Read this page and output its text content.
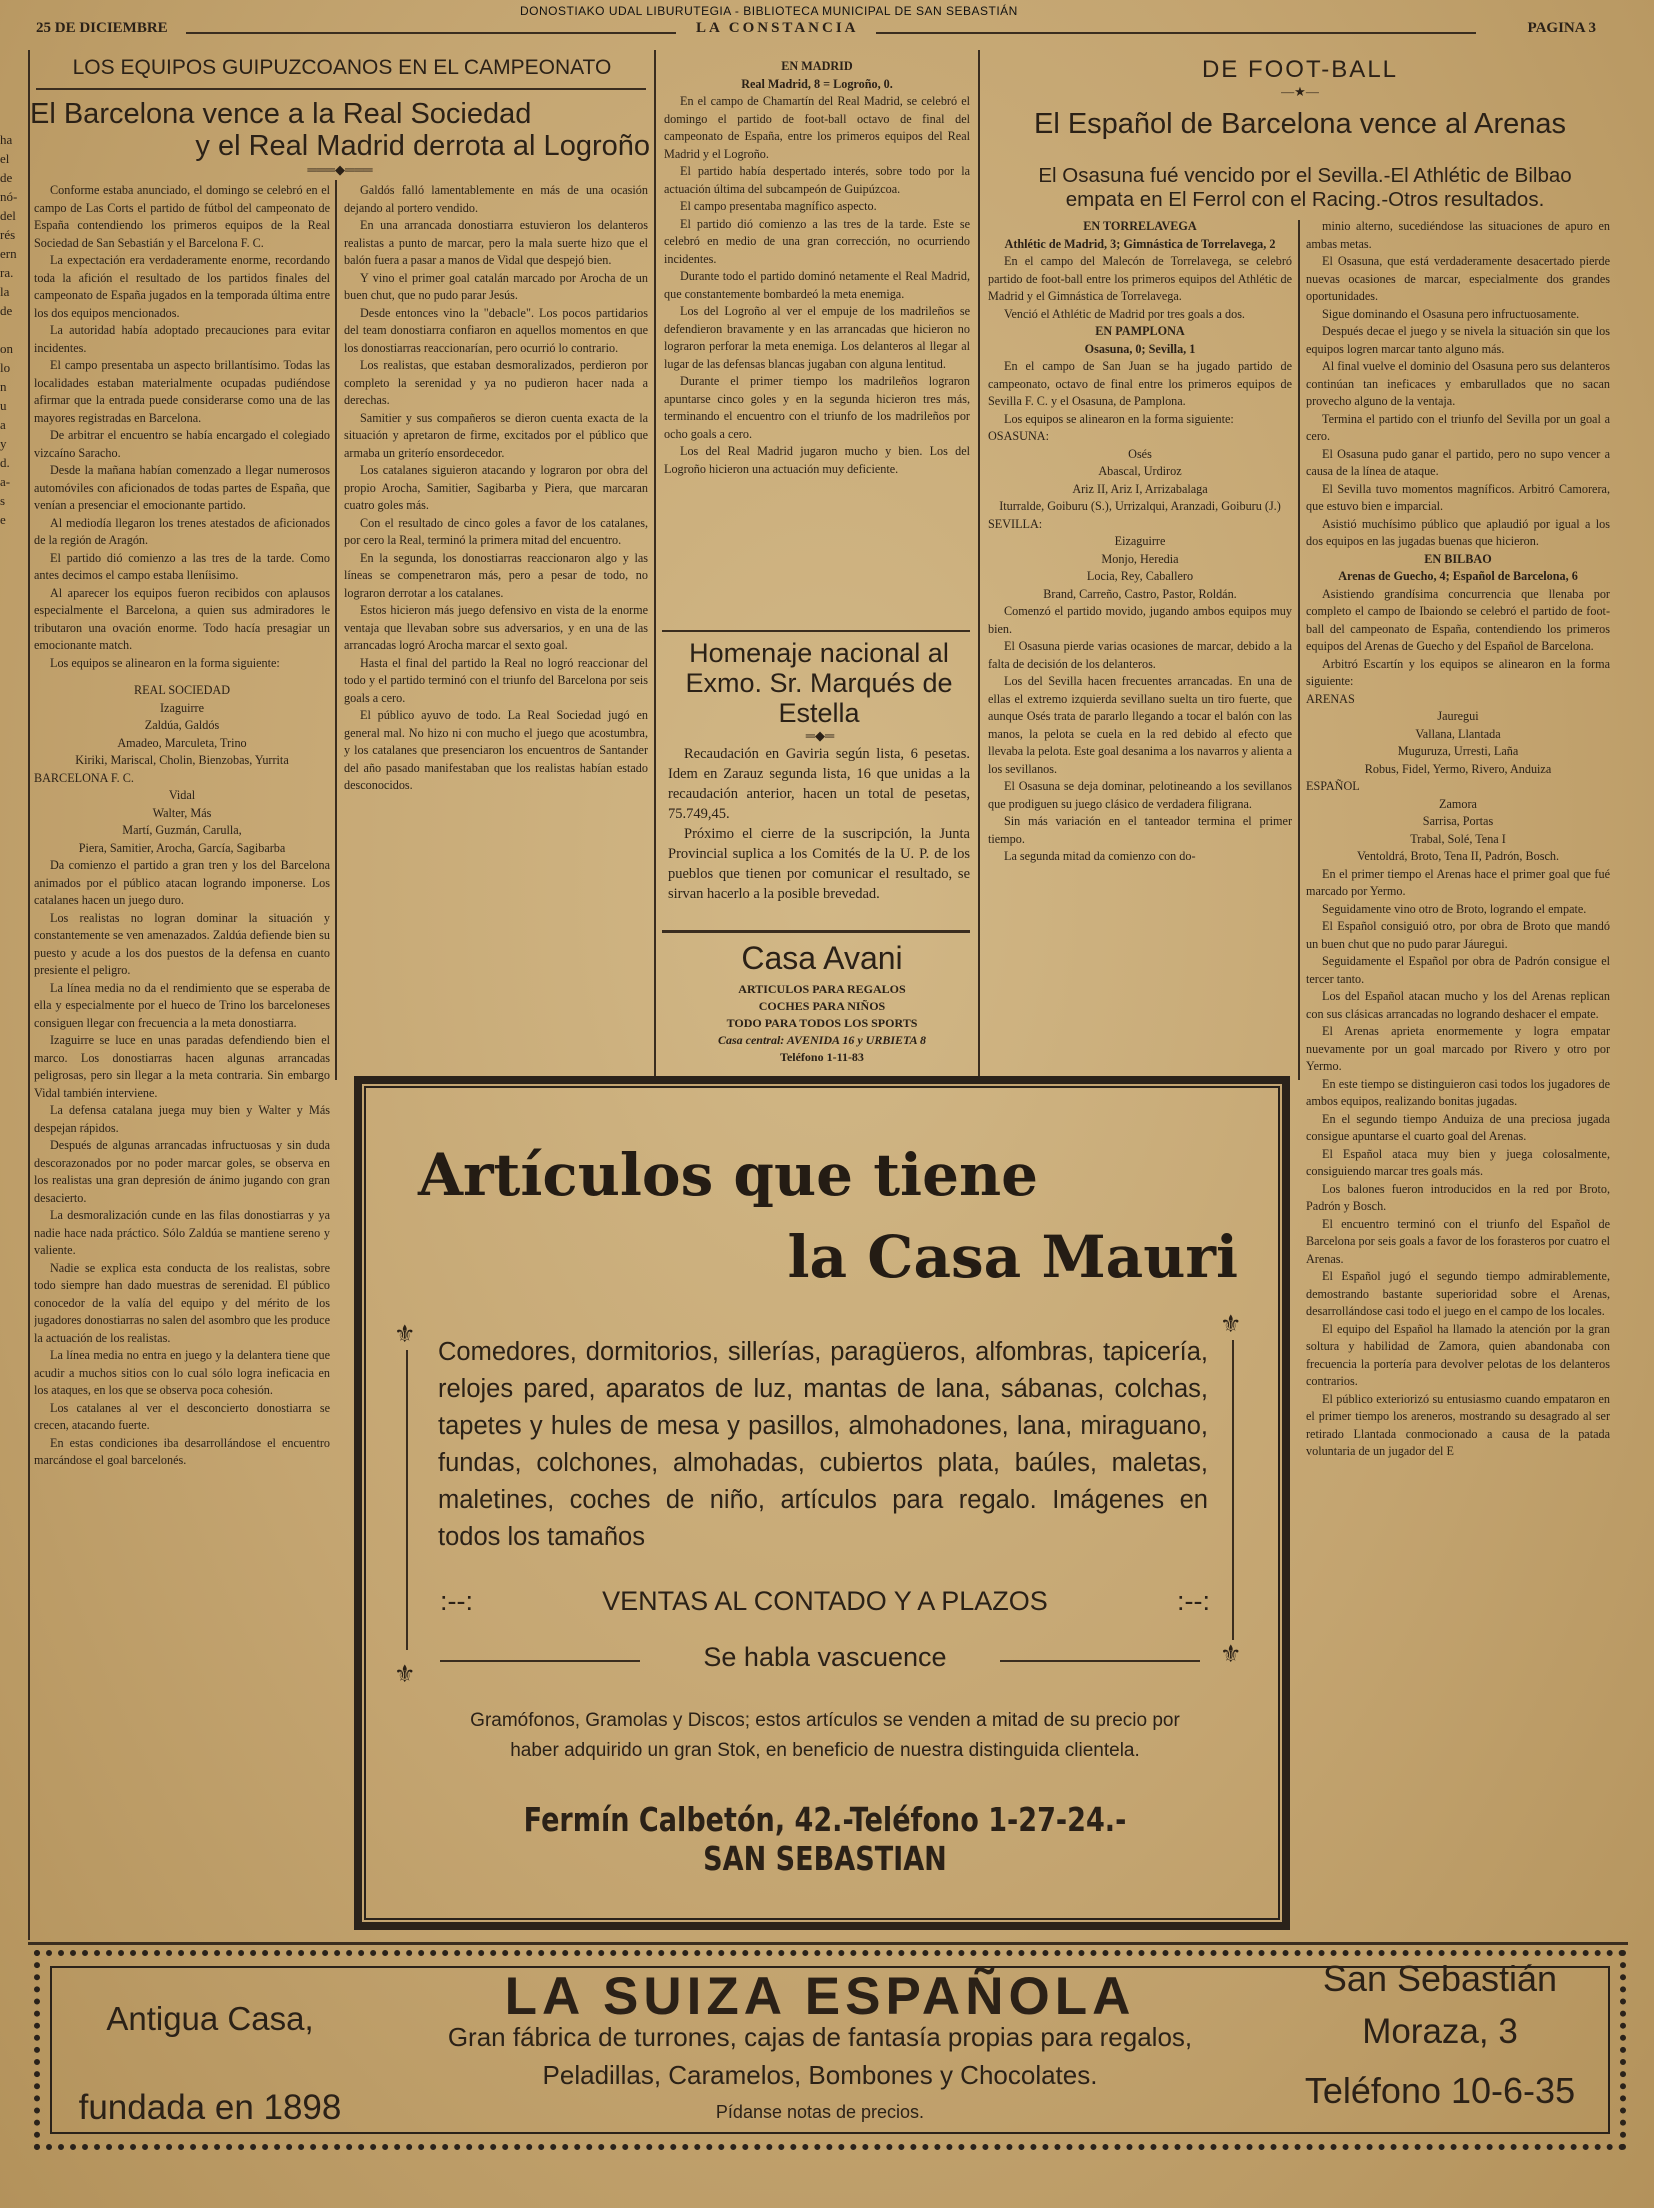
DONOSTIAKO UDAL LIBURUTEGIA - BIBLIOTECA MUNICIPAL DE SAN SEBASTIÁN
25 DE DICIEMBRE	LA CONSTANCIA	PAGINA 3
ha
el
de
nó-
del
rés
ern
ra.
la
de

on
lo
n
u
a
y
d.
a-
s
e
LOS EQUIPOS GUIPUZCOANOS EN EL CAMPEONATO
El Barcelona vence a la Real Sociedad
y el Real Madrid derrota al Logroño
═══◆═══

Conforme estaba anunciado, el domingo se celebró en el campo de Las Corts el partido de fútbol del campeonato de España contendiendo los primeros equipos de la Real Sociedad de San Sebastián y el Barcelona F. C.

La expectación era verdaderamente enorme, recordando toda la afición el resultado de los partidos finales del campeonato de España jugados en la temporada última entre los dos equipos mencionados.

La autoridad había adoptado precauciones para evitar incidentes.

El campo presentaba un aspecto brillantísimo. Todas las localidades estaban materialmente ocupadas pudiéndose afirmar que la entrada puede considerarse como una de las mayores registradas en Barcelona.

De arbitrar el encuentro se había encargado el colegiado vizcaíno Saracho.

Desde la mañana habían comenzado a llegar numerosos automóviles con aficionados de todas partes de España, que venían a presenciar el emocionante partido.

Al mediodía llegaron los trenes atestados de aficionados de la región de Aragón.

El partido dió comienzo a las tres de la tarde. Como antes decimos el campo estaba lleníisimo.

Al aparecer los equipos fueron recibidos con aplausos especialmente el Barcelona, a quien sus admiradores le tributaron una ovación enorme. Todo hacía presagiar un emocionante match.

Los equipos se alinearon en la forma siguiente:

REAL SOCIEDAD

Izaguirre

Zaldúa, Galdós

Amadeo, Marculeta, Trino

Kiriki, Mariscal, Cholin, Bienzobas, Yurrita

BARCELONA F. C.

Vidal

Walter, Más

Martí, Guzmán, Carulla,

Piera, Samitier, Arocha, García, Sagibarba

Da comienzo el partido a gran tren y los del Barcelona animados por el público atacan logrando imponerse. Los catalanes hacen un juego duro.

Los realistas no logran dominar la situación y constantemente se ven amenazados. Zaldúa defiende bien su puesto y acude a los dos puestos de la defensa en cuanto presiente el peligro.

La línea media no da el rendimiento que se esperaba de ella y especialmente por el hueco de Trino los barceloneses consiguen llegar con frecuencia a la meta donostiarra.

Izaguirre se luce en unas paradas defendiendo bien el marco. Los donostiarras hacen algunas arrancadas peligrosas, pero sin llegar a la meta contraria. Sin embargo Vidal también interviene.

La defensa catalana juega muy bien y Walter y Más despejan rápidos.

Después de algunas arrancadas infructuosas y sin duda descorazonados por no poder marcar goles, se observa en los realistas una gran depresión de ánimo jugando con gran desacierto.

La desmoralización cunde en las filas donostiarras y ya nadie hace nada práctico. Sólo Zaldúa se mantiene sereno y valiente.

Nadie se explica esta conducta de los realistas, sobre todo siempre han dado muestras de serenidad. El público conocedor de la valía del equipo y del mérito de los jugadores donostiarras no salen del asombro que les produce la actuación de los realistas.

La línea media no entra en juego y la delantera tiene que acudir a muchos sitios con lo cual sólo logra ineficacia en los ataques, en los que se observa poca cohesión.

Los catalanes al ver el desconcierto donostiarra se crecen, atacando fuerte.

En estas condiciones iba desarrollándose el encuentro marcándose el goal barcelonés.

Galdós falló lamentablemente en más de una ocasión dejando al portero vendido.

En una arrancada donostiarra estuvieron los delanteros realistas a punto de marcar, pero la mala suerte hizo que el balón fuera a pasar a manos de Vidal que despejó bien.

Y vino el primer goal catalán marcado por Arocha de un buen chut, que no pudo parar Jesús.

Desde entonces vino la "debacle". Los pocos partidarios del team donostiarra confiaron en aquellos momentos en que los donostiarras reaccionarían, pero ocurrió lo contrario.

Los realistas, que estaban desmoralizados, perdieron por completo la serenidad y ya no pudieron hacer nada a derechas.

Samitier y sus compañeros se dieron cuenta exacta de la situación y apretaron de firme, excitados por el público que armaba un griterío ensordecedor.

Los catalanes siguieron atacando y lograron por obra del propio Arocha, Samitier, Sagibarba y Piera, que marcaran cuatro goles más.

Con el resultado de cinco goles a favor de los catalanes, por cero la Real, terminó la primera mitad del encuentro.

En la segunda, los donostiarras reaccionaron algo y las líneas se compenetraron más, pero a pesar de todo, no lograron derrotar a los catalanes.

Estos hicieron más juego defensivo en vista de la enorme ventaja que llevaban sobre sus adversarios, y en una de las arrancadas logró Arocha marcar el sexto goal.

Hasta el final del partido la Real no logró reaccionar del todo y el partido terminó con el triunfo del Barcelona por seis goals a cero.

El público ayuvo de todo. La Real Sociedad jugó en general mal. No hizo ni con mucho el juego que acostumbra, y los catalanes que presenciaron los encuentros de Santander del año pasado manifestaban que los realistas habían estado desconocidos.

EN MADRID

Real Madrid, 8 = Logroño, 0.

En el campo de Chamartín del Real Madrid, se celebró el domingo el partido de foot-ball octavo de final del campeonato de España, entre los primeros equipos del Real Madrid y el Logroño.

El partido había despertado interés, sobre todo por la actuación última del subcampeón de Guipúzcoa.

El campo presentaba magnífico aspecto.

El partido dió comienzo a las tres de la tarde. Este se celebró en medio de una gran corrección, no ocurriendo incidentes.

Durante todo el partido dominó netamente el Real Madrid, que constantemente bombardeó la meta enemiga.

Los del Logroño al ver el empuje de los madrileños se defendieron bravamente y en las arrancadas que hicieron no lograron perforar la meta enemiga. Los delanteros al llegar al lugar de las defensas blancas jugaban con alguna lentitud.

Durante el primer tiempo los madrileños lograron apuntarse cinco goles y en la segunda hicieron tres más, terminando el encuentro con el triunfo de los madrileños por ocho goals a cero.

Los del Real Madrid jugaron mucho y bien. Los del Logroño hicieron una actuación muy deficiente.

Homenaje nacional al Exmo. Sr. Marqués de Estella
═◆═

Recaudación en Gaviria según lista, 6 pesetas. Idem en Zarauz segunda lista, 16 que unidas a la recaudación anterior, hacen un total de pesetas, 75.749,45.

Próximo el cierre de la suscripción, la Junta Provincial suplica a los Comités de la U. P. de los pueblos que tienen por comunicar el resultado, se sirvan hacerlo a la posible brevedad.

Casa Avani
ARTICULOS PARA REGALOS
COCHES PARA NIÑOS
TODO PARA TODOS LOS SPORTS
Casa central: AVENIDA 16 y URBIETA 8
Teléfono 1-11-83
DE FOOT-BALL
—★—
El Español de Barcelona vence al Arenas
El Osasuna fué vencido por el Sevilla.-El Athlétic de Bilbao empata en El Ferrol con el Racing.-Otros resultados.

EN TORRELAVEGA

Athlétic de Madrid, 3; Gimnástica de Torrelavega, 2

En el campo del Malecón de Torrelavega, se celebró partido de foot-ball entre los primeros equipos del Athlétic de Madrid y el Gimnástica de Torrelavega.

Venció el Athlétic de Madrid por tres goals a dos.

EN PAMPLONA

Osasuna, 0; Sevilla, 1

En el campo de San Juan se ha jugado partido de campeonato, octavo de final entre los primeros equipos de Sevilla F. C. y el Osasuna, de Pamplona.

Los equipos se alinearon en la forma siguiente:

OSASUNA:

Osés

Abascal, Urdiroz

Ariz II, Ariz I, Arrizabalaga

Iturralde, Goiburu (S.), Urrizalqui, Aranzadi, Goiburu (J.)

SEVILLA:

Eizaguirre

Monjo, Heredia

Locia, Rey, Caballero

Brand, Carreño, Castro, Pastor, Roldán.

Comenzó el partido movido, jugando ambos equipos muy bien.

El Osasuna pierde varias ocasiones de marcar, debido a la falta de decisión de los delanteros.

Los del Sevilla hacen frecuentes arrancadas. En una de ellas el extremo izquierda sevillano suelta un tiro fuerte, que aunque Osés trata de pararlo llegando a tocar el balón con las manos, la pelota se cuela en la red debido al efecto que llevaba la pelota. Este goal desanima a los navarros y alienta a los sevillanos.

El Osasuna se deja dominar, pelotineando a los sevillanos que prodiguen su juego clásico de verdadera filigrana.

Sin más variación en el tanteador termina el primer tiempo.

La segunda mitad da comienzo con do-

minio alterno, sucediéndose las situaciones de apuro en ambas metas.

El Osasuna, que está verdaderamente desacertado pierde nuevas ocasiones de marcar, especialmente dos grandes oportunidades.

Sigue dominando el Osasuna pero infructuosamente.

Después decae el juego y se nivela la situación sin que los equipos logren marcar tanto alguno más.

Al final vuelve el dominio del Osasuna pero sus delanteros continúan tan ineficaces y embarullados que no sacan provecho alguno de la ventaja.

Termina el partido con el triunfo del Sevilla por un goal a cero.

El Osasuna pudo ganar el partido, pero no supo vencer a causa de la línea de ataque.

El Sevilla tuvo momentos magníficos. Arbitró Camorera, que estuvo bien e imparcial.

Asistió muchísimo público que aplaudió por igual a los dos equipos en las jugadas buenas que hicieron.

EN BILBAO

Arenas de Guecho, 4; Español de Barcelona, 6

Asistiendo grandísima concurrencia que llenaba por completo el campo de Ibaiondo se celebró el partido de foot-ball del campeonato de España, contendiendo los primeros equipos del Arenas de Guecho y del Español de Barcelona.

Arbitró Escartín y los equipos se alinearon en la forma siguiente:

ARENAS

Jauregui

Vallana, Llantada

Muguruza, Urresti, Laña

Robus, Fidel, Yermo, Rivero, Anduiza

ESPAÑOL

Zamora

Sarrisa, Portas

Trabal, Solé, Tena I

Ventoldrá, Broto, Tena II, Padrón, Bosch.

En el primer tiempo el Arenas hace el primer goal que fué marcado por Yermo.

Seguidamente vino otro de Broto, logrando el empate.

El Español consiguió otro, por obra de Broto que mandó un buen chut que no pudo parar Jáuregui.

Seguidamente el Español por obra de Padrón consigue el tercer tanto.

Los del Español atacan mucho y los del Arenas replican con sus clásicas arrancadas no logrando deshacer el empate.

El Arenas aprieta enormemente y logra empatar nuevamente por un goal marcado por Rivero y otro por Yermo.

En este tiempo se distinguieron casi todos los jugadores de ambos equipos, realizando bonitas jugadas.

En el segundo tiempo Anduiza de una preciosa jugada consigue apuntarse el cuarto goal del Arenas.

El Español ataca muy bien y juega colosalmente, consiguiendo marcar tres goals más.

Los balones fueron introducidos en la red por Broto, Padrón y Bosch.

El encuentro terminó con el triunfo del Español de Barcelona por seis goals a favor de los forasteros por cuatro el Arenas.

El Español jugó el segundo tiempo admirablemente, demostrando bastante superioridad sobre el Arenas, desarrollándose casi todo el juego en el campo de los locales.

El equipo del Español ha llamado la atención por la gran soltura y habilidad de Zamora, quien abandonaba con frecuencia la portería para devolver pelotas de los delanteros contrarios.

El público exteriorizó su entusiasmo cuando empataron en el primer tiempo los areneros, mostrando su desagrado al ser retirado Llantada conmocionado a causa de la patada voluntaria de un jugador del E

Artículos que tiene
la Casa Mauri
Comedores, dormitorios, sillerías, paragüeros, alfombras, tapicería, relojes pared, aparatos de luz, mantas de lana, sábanas, colchas, tapetes y hules de mesa y pasillos, almohadones, lana, miraguano, fundas, colchones, almohadas, cubiertos plata, baúles, maletas, maletines, coches de niño, artículos para regalo. Imágenes en todos los tamaños
:--:	VENTAS AL CONTADO Y A PLAZOS	:--:
Se habla vascuence
Gramófonos, Gramolas y Discos; estos artículos se venden a mitad de su precio por haber adquirido un gran Stok, en beneficio de nuestra distinguida clientela.
Fermín Calbetón, 42.-Teléfono 1-27-24.- SAN SEBASTIAN
⚜	⚜
⚜
⚜
Antigua Casa,
fundada en 1898
LA SUIZA ESPAÑOLA
Gran fábrica de turrones, cajas de fantasía propias para regalos,
Peladillas, Caramelos, Bombones y Chocolates.
Pídanse notas de precios.
San Sebastián
Moraza, 3
Teléfono 10-6-35
